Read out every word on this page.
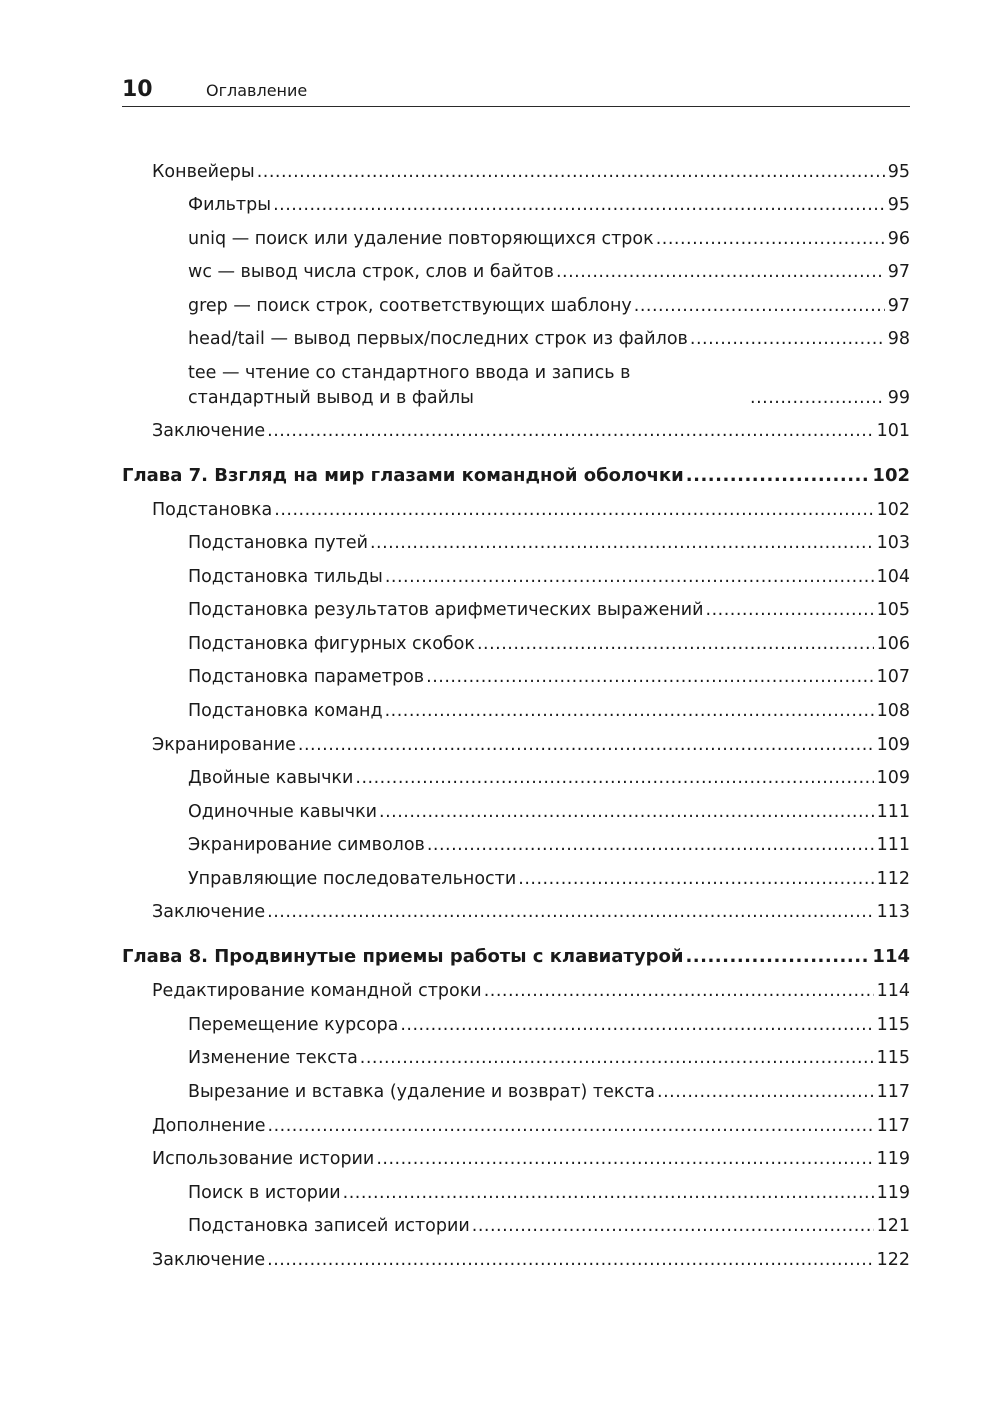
10	Оглавление
Конвейеры .....	95
Фильтры .....	95
uniq — поиск или удаление повторяющихся строк .....	96
wc — вывод числа строк, слов и байтов .....	97
grep — поиск строк, соответствующих шаблону .....	97
head/tail — вывод первых/последних строк из файлов .....	98
tee — чтение со стандартного ввода и запись в стандартный вывод и в файлы .....	99
Заключение .....	101
Глава 7. Взгляд на мир глазами командной оболочки .....	102
Подстановка .....	102
Подстановка путей .....	103
Подстановка тильды .....	104
Подстановка результатов арифметических выражений .....	105
Подстановка фигурных скобок .....	106
Подстановка параметров .....	107
Подстановка команд .....	108
Экранирование .....	109
Двойные кавычки .....	109
Одиночные кавычки .....	111
Экранирование символов .....	111
Управляющие последовательности .....	112
Заключение .....	113
Глава 8. Продвинутые приемы работы с клавиатурой .....	114
Редактирование командной строки .....	114
Перемещение курсора .....	115
Изменение текста .....	115
Вырезание и вставка (удаление и возврат) текста .....	117
Дополнение .....	117
Использование истории .....	119
Поиск в истории .....	119
Подстановка записей истории .....	121
Заключение .....	122
